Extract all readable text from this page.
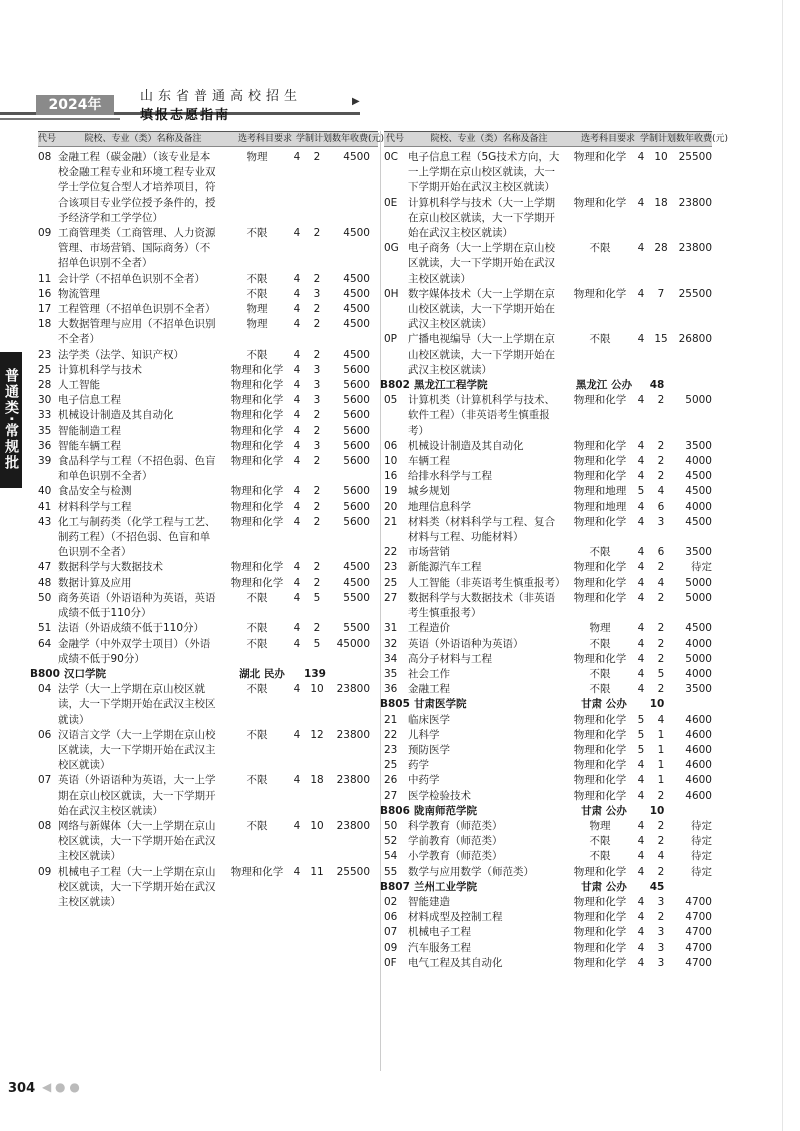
2024年
山东省普通高校招生	▶
填报志愿指南
普通类·常规批
代号	院校、专业（类）名称及备注	选考科目要求 学制 计划数 年收费(元)
08 金融工程（碳金融）（该专业是本校金融工程专业和环境工程专业双学士学位复合型人才培养项目，符合该项目专业学位授予条件的，授予经济学和工学学位）
物理	4	2	4500
09 工商管理类（工商管理、人力资源管理、市场营销、国际商务）（不招单色识别不全者）
不限	4	2	4500
11 会计学（不招单色识别不全者）	不限	4	2	4500
16 物流管理	不限	4	3	4500
17 工程管理（不招单色识别不全者）	物理	4	2	4500
18 大数据管理与应用（不招单色识别不全者）
物理	4	2	4500
23 法学类（法学、知识产权）	不限	4	2	4500
25 计算机科学与技术	物理和化学 4	3	5600
28 人工智能	物理和化学 4	3	5600
30 电子信息工程	物理和化学 4	3	5600
33 机械设计制造及其自动化	物理和化学 4	2	5600
35 智能制造工程	物理和化学 4	2	5600
36 智能车辆工程	物理和化学 4	3	5600
39 食品科学与工程（不招色弱、色盲和单色识别不全者）
物理和化学 4	2	5600
40 食品安全与检测	物理和化学 4	2	5600
41 材料科学与工程	物理和化学 4	2	5600
43 化工与制药类（化学工程与工艺、制药工程）（不招色弱、色盲和单色识别不全者）
物理和化学 4	2	5600
47 数据科学与大数据技术	物理和化学 4	2	4500
48 数据计算及应用	物理和化学 4	2	4500
50 商务英语（外语语种为英语，英语成绩不低于110分）
不限	4	5	5500
51 法语（外语成绩不低于110分）	不限	4	2	5500
64 金融学（中外双学士项目）（外语成绩不低于90分）
不限	4	5	45000
B800 汉口学院	湖北 民办	139
04 法学（大一上学期在京山校区就读，大一下学期开始在武汉主校区就读）
不限	4 10	23800
06 汉语言文学（大一上学期在京山校区就读，大一下学期开始在武汉主校区就读）
不限	4 12	23800
07 英语（外语语种为英语，大一上学期在京山校区就读，大一下学期开始在武汉主校区就读）
不限	4 18	23800
08 网络与新媒体（大一上学期在京山校区就读，大一下学期开始在武汉主校区就读）
不限	4 10	23800
09 机械电子工程（大一上学期在京山校区就读，大一下学期开始在武汉主校区就读）
物理和化学 4 11	25500
代号	院校、专业（类）名称及备注	选考科目要求 学制 计划数 年收费(元)
0C 电子信息工程（5G技术方向，大一上学期在京山校区就读，大一下学期开始在武汉主校区就读）
物理和化学	4 10	25500
0E	计算机科学与技术（大一上学期在京山校区就读，大一下学期开始在武汉主校区就读）
物理和化学	4 18	23800
0G 电子商务（大一上学期在京山校区就读，大一下学期开始在武汉主校区就读）
不限	4 28	23800
0H 数字媒体技术（大一上学期在京山校区就读，大一下学期开始在武汉主校区就读）
物理和化学	4	7	25500
0P	广播电视编导（大一上学期在京山校区就读，大一下学期开始在武汉主校区就读）
不限	4 15	26800
B802 黑龙江工程学院	黑龙江 公办	48
05	计算机类（计算机科学与技术、软件工程）（非英语考生慎重报考）
物理和化学	4	2	5000
06	机械设计制造及其自动化	物理和化学	4	2	3500
10	车辆工程	物理和化学	4	2	4000
16	给排水科学与工程	物理和化学	4	2	4500
19	城乡规划	物理和地理	5	4	4500
20	地理信息科学	物理和地理	4	6	4000
21	材料类（材料科学与工程、复合材料与工程、功能材料）
物理和化学	4	3	4500
22	市场营销	不限	4	6	3500
23	新能源汽车工程	物理和化学	4	2	待定
25	人工智能（非英语考生慎重报考） 物理和化学	4	4	5000
27	数据科学与大数据技术（非英语考生慎重报考）
物理和化学	4	2	5000
31	工程造价	物理	4	2	4500
32	英语（外语语种为英语）	不限	4	2	4000
34	高分子材料与工程	物理和化学	4	2	5000
35	社会工作	不限	4	5	4000
36	金融工程	不限	4	2	3500
B805 甘肃医学院	甘肃 公办	10
21	临床医学	物理和化学	5	4	4600
22	儿科学	物理和化学	5	1	4600
23	预防医学	物理和化学	5	1	4600
25	药学	物理和化学	4	1	4600
26	中药学	物理和化学	4	1	4600
27	医学检验技术	物理和化学	4	2	4600
B806 陇南师范学院	甘肃 公办	10
50	科学教育（师范类）	物理	4	2	待定
52	学前教育（师范类）	不限	4	2	待定
54	小学教育（师范类）	不限	4	4	待定
55	数学与应用数学（师范类）	物理和化学	4	2	待定
B807 兰州工业学院	甘肃 公办	45
02	智能建造	物理和化学	4	3	4700
06	材料成型及控制工程	物理和化学	4	2	4700
07	机械电子工程	物理和化学	4	3	4700
09	汽车服务工程	物理和化学	4	3	4700
0F	电气工程及其自动化	物理和化学	4	3	4700
304 ◀ ● ●
